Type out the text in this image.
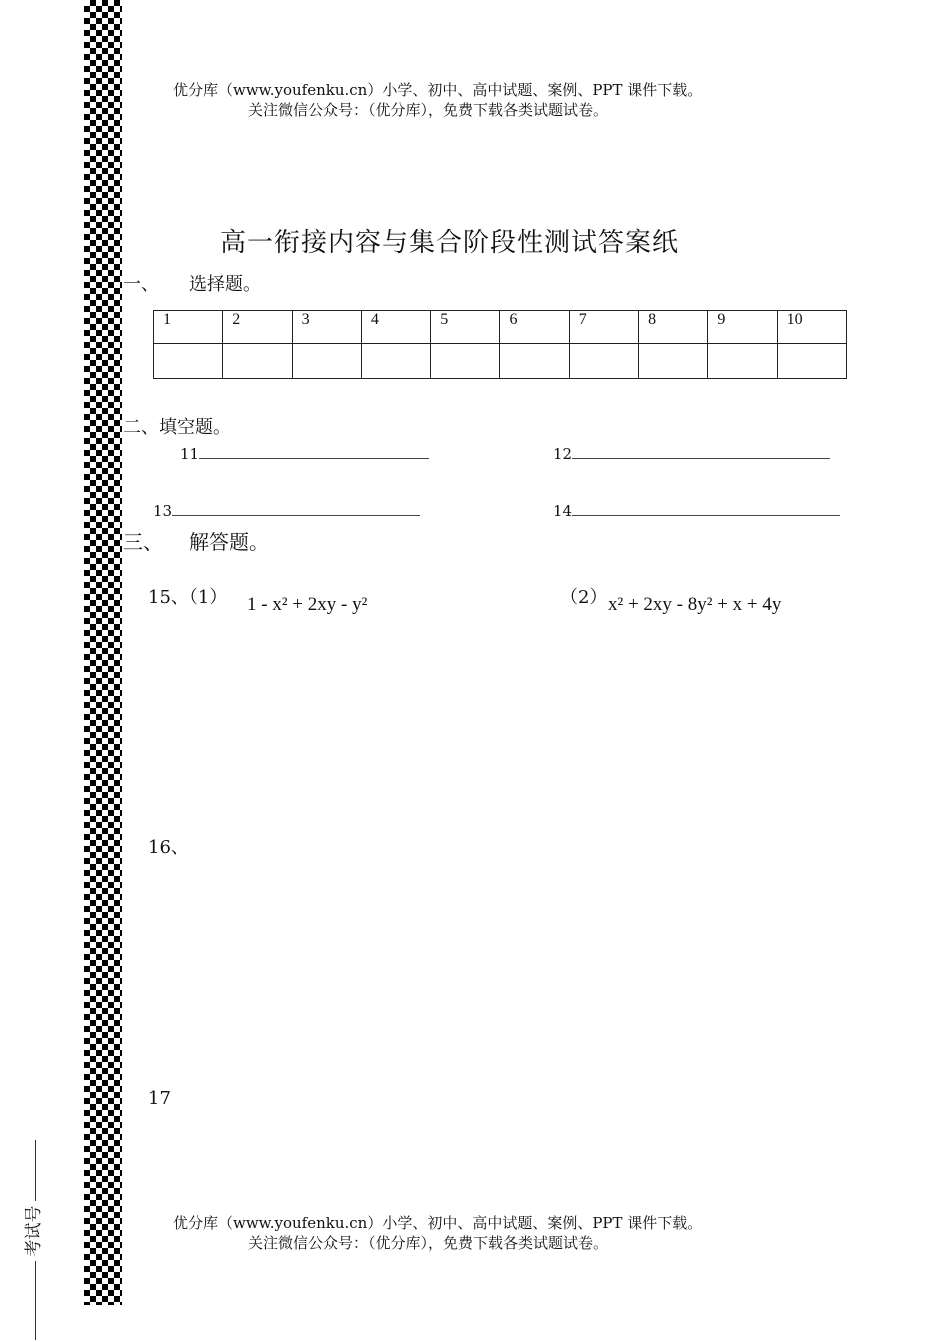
优分库（www.youfenku.cn）小学、初中、高中试题、案例、PPT 课件下载。
关注微信公众号：（优分库），免费下载各类试题试卷。
高一衔接内容与集合阶段性测试答案纸
一、 选择题。
1	2	3	4	5	6	7	8	9	10

二、填空题。
11	12
13	14
三、 解答题。
15、（1） 1 - x² + 2xy - y²	（2） x² + 2xy - 8y² + x + 4y
16、
17
优分库（www.youfenku.cn）小学、初中、高中试题、案例、PPT 课件下载。
关注微信公众号：（优分库），免费下载各类试题试卷。
考试号
